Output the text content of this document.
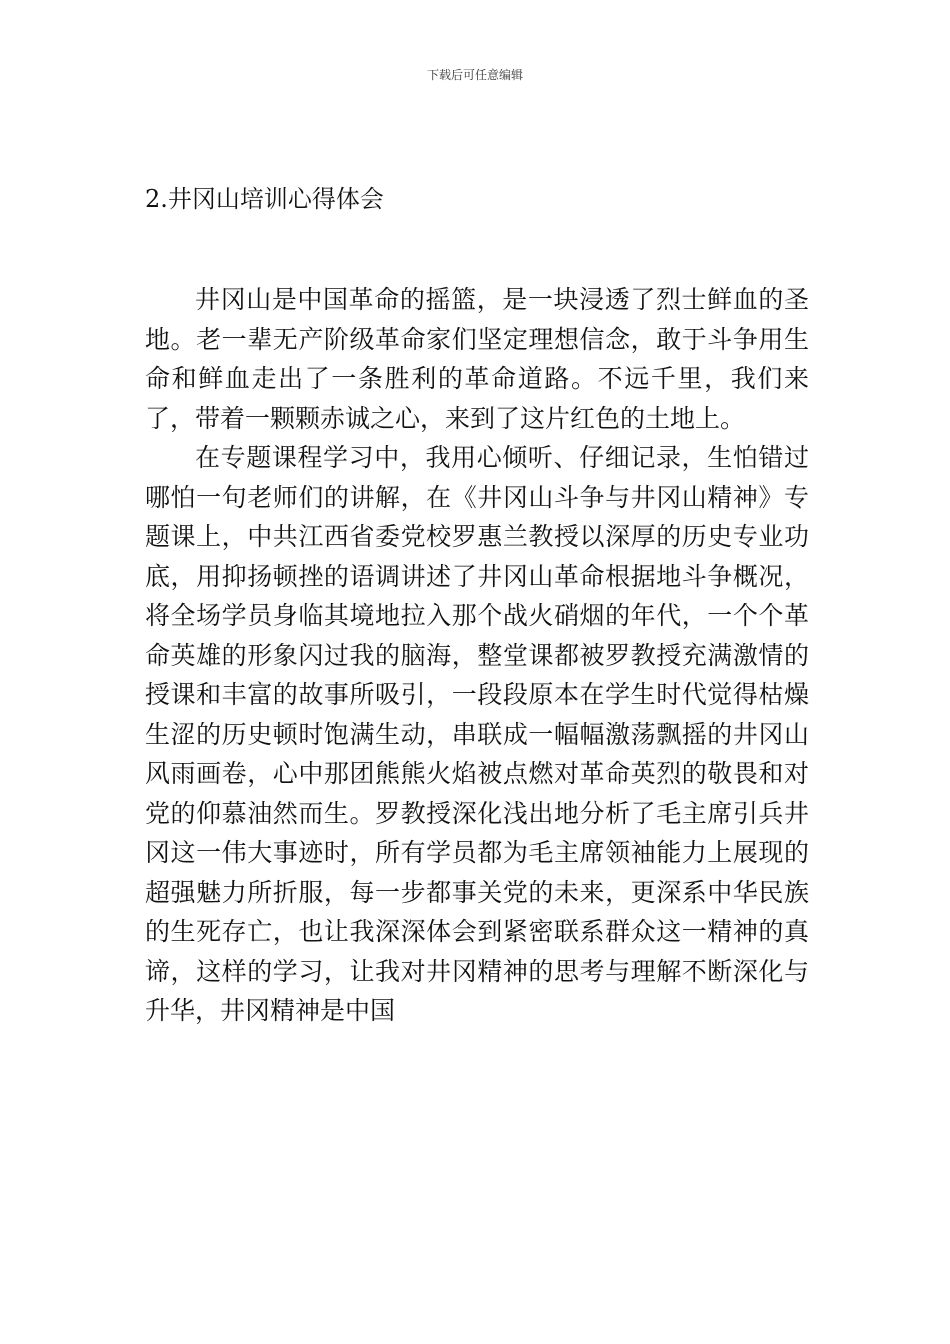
下载后可任意编辑
2.井冈山培训心得体会

井冈山是中国革命的摇篮，是一块浸透了烈士鲜血的圣地。老一辈无产阶级革命家们坚定理想信念，敢于斗争用生命和鲜血走出了一条胜利的革命道路。不远千里，我们来了，带着一颗颗赤诚之心，来到了这片红色的土地上。

在专题课程学习中，我用心倾听、仔细记录，生怕错过哪怕一句老师们的讲解，在《井冈山斗争与井冈山精神》专题课上，中共江西省委党校罗惠兰教授以深厚的历史专业功底，用抑扬顿挫的语调讲述了井冈山革命根据地斗争概况，将全场学员身临其境地拉入那个战火硝烟的年代，一个个革命英雄的形象闪过我的脑海，整堂课都被罗教授充满激情的授课和丰富的故事所吸引，一段段原本在学生时代觉得枯燥生涩的历史顿时饱满生动，串联成一幅幅激荡飘摇的井冈山风雨画卷，心中那团熊熊火焰被点燃对革命英烈的敬畏和对党的仰慕油然而生。罗教授深化浅出地分析了毛主席引兵井冈这一伟大事迹时，所有学员都为毛主席领袖能力上展现的超强魅力所折服，每一步都事关党的未来，更深系中华民族的生死存亡，也让我深深体会到紧密联系群众这一精神的真谛，这样的学习，让我对井冈精神的思考与理解不断深化与升华，井冈精神是中国
